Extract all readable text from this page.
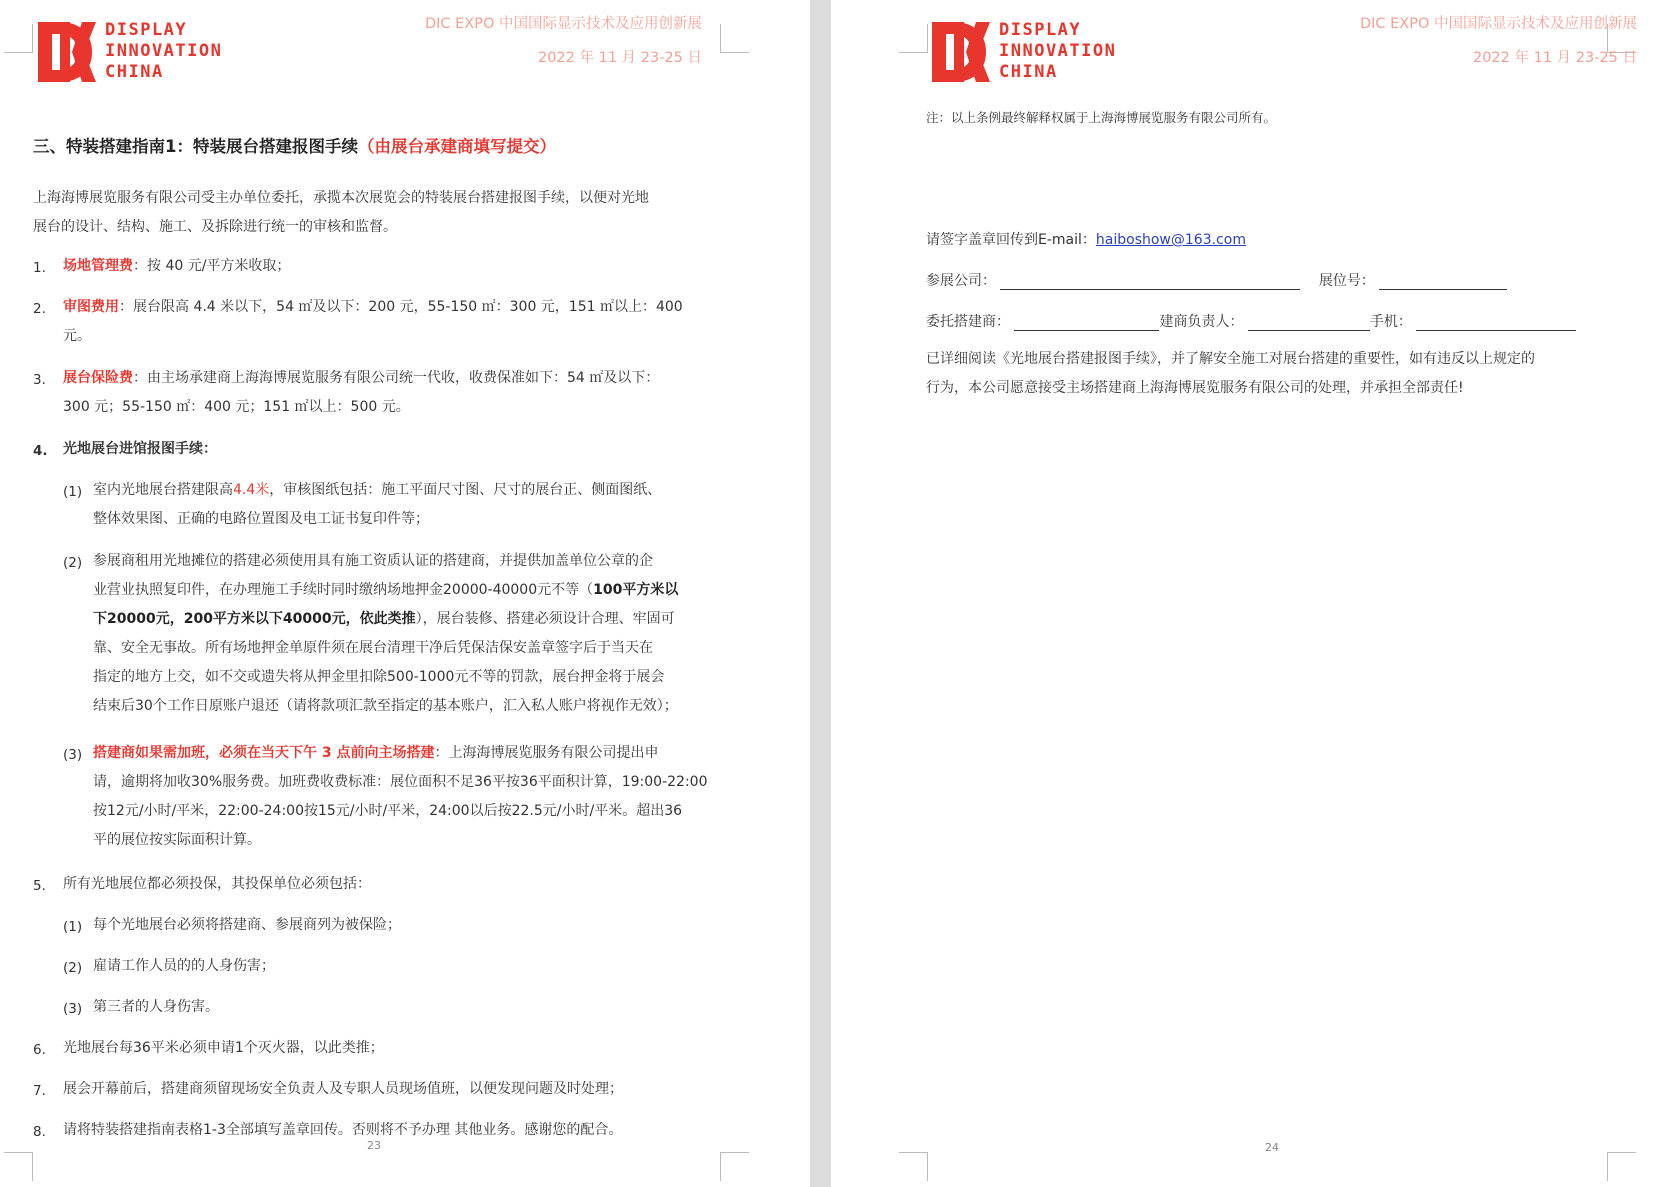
DISPLAY
INNOVATION
CHINA
DIC EXPO 中国国际显示技术及应用创新展
2022 年 11 月 23-25 日
三、特装搭建指南1：特装展台搭建报图手续（由展台承建商填写提交）
上海海博展览服务有限公司受主办单位委托，承揽本次展览会的特装展台搭建报图手续，以便对光地
展台的设计、结构、施工、及拆除进行统一的审核和监督。
1. 场地管理费：按 40 元/平方米收取；
2. 审图费用：展台限高 4.4 米以下，54 ㎡及以下：200 元，55-150 ㎡：300 元，151 ㎡以上：400
元。
3. 展台保险费：由主场承建商上海海博展览服务有限公司统一代收，收费保准如下：54 ㎡及以下：
300 元；55-150 ㎡：400 元；151 ㎡以上：500 元。
4. 光地展台进馆报图手续：
(1) 室内光地展台搭建限高4.4米，审核图纸包括：施工平面尺寸图、尺寸的展台正、侧面图纸、
整体效果图、正确的电路位置图及电工证书复印件等；
(2) 参展商租用光地摊位的搭建必须使用具有施工资质认证的搭建商，并提供加盖单位公章的企
业营业执照复印件，在办理施工手续时同时缴纳场地押金20000-40000元不等（100平方米以
下20000元，200平方米以下40000元，依此类推），展台装修、搭建必须设计合理、牢固可
靠、安全无事故。所有场地押金单原件须在展台清理干净后凭保洁保安盖章签字后于当天在
指定的地方上交，如不交或遗失将从押金里扣除500-1000元不等的罚款，展台押金将于展会
结束后30个工作日原账户退还（请将款项汇款至指定的基本账户，汇入私人账户将视作无效）；
(3) 搭建商如果需加班，必须在当天下午 3 点前向主场搭建：上海海博展览服务有限公司提出申
请，逾期将加收30%服务费。加班费收费标准：展位面积不足36平按36平面积计算，19:00-22:00
按12元/小时/平米，22:00-24:00按15元/小时/平米，24:00以后按22.5元/小时/平米。超出36
平的展位按实际面积计算。
5. 所有光地展位都必须投保，其投保单位必须包括：
(1) 每个光地展台必须将搭建商、参展商列为被保险；
(2) 雇请工作人员的的人身伤害；
(3) 第三者的人身伤害。
6. 光地展台每36平米必须申请1个灭火器，以此类推；
7. 展会开幕前后，搭建商须留现场安全负责人及专职人员现场值班，以便发现问题及时处理；
8. 请将特装搭建指南表格1-3全部填写盖章回传。否则将不予办理 其他业务。感谢您的配合。
23
DISPLAY
INNOVATION
CHINA
DIC EXPO 中国国际显示技术及应用创新展
2022 年 11 月 23-25 日
注：以上条例最终解释权属于上海海博展览服务有限公司所有。
请签字盖章回传到E-mail：haiboshow@163.com
参展公司：	展位号：
委托搭建商：	建商负责人：	手机：
已详细阅读《光地展台搭建报图手续》，并了解安全施工对展台搭建的重要性，如有违反以上规定的
行为，本公司愿意接受主场搭建商上海海博展览服务有限公司的处理，并承担全部责任!
24
